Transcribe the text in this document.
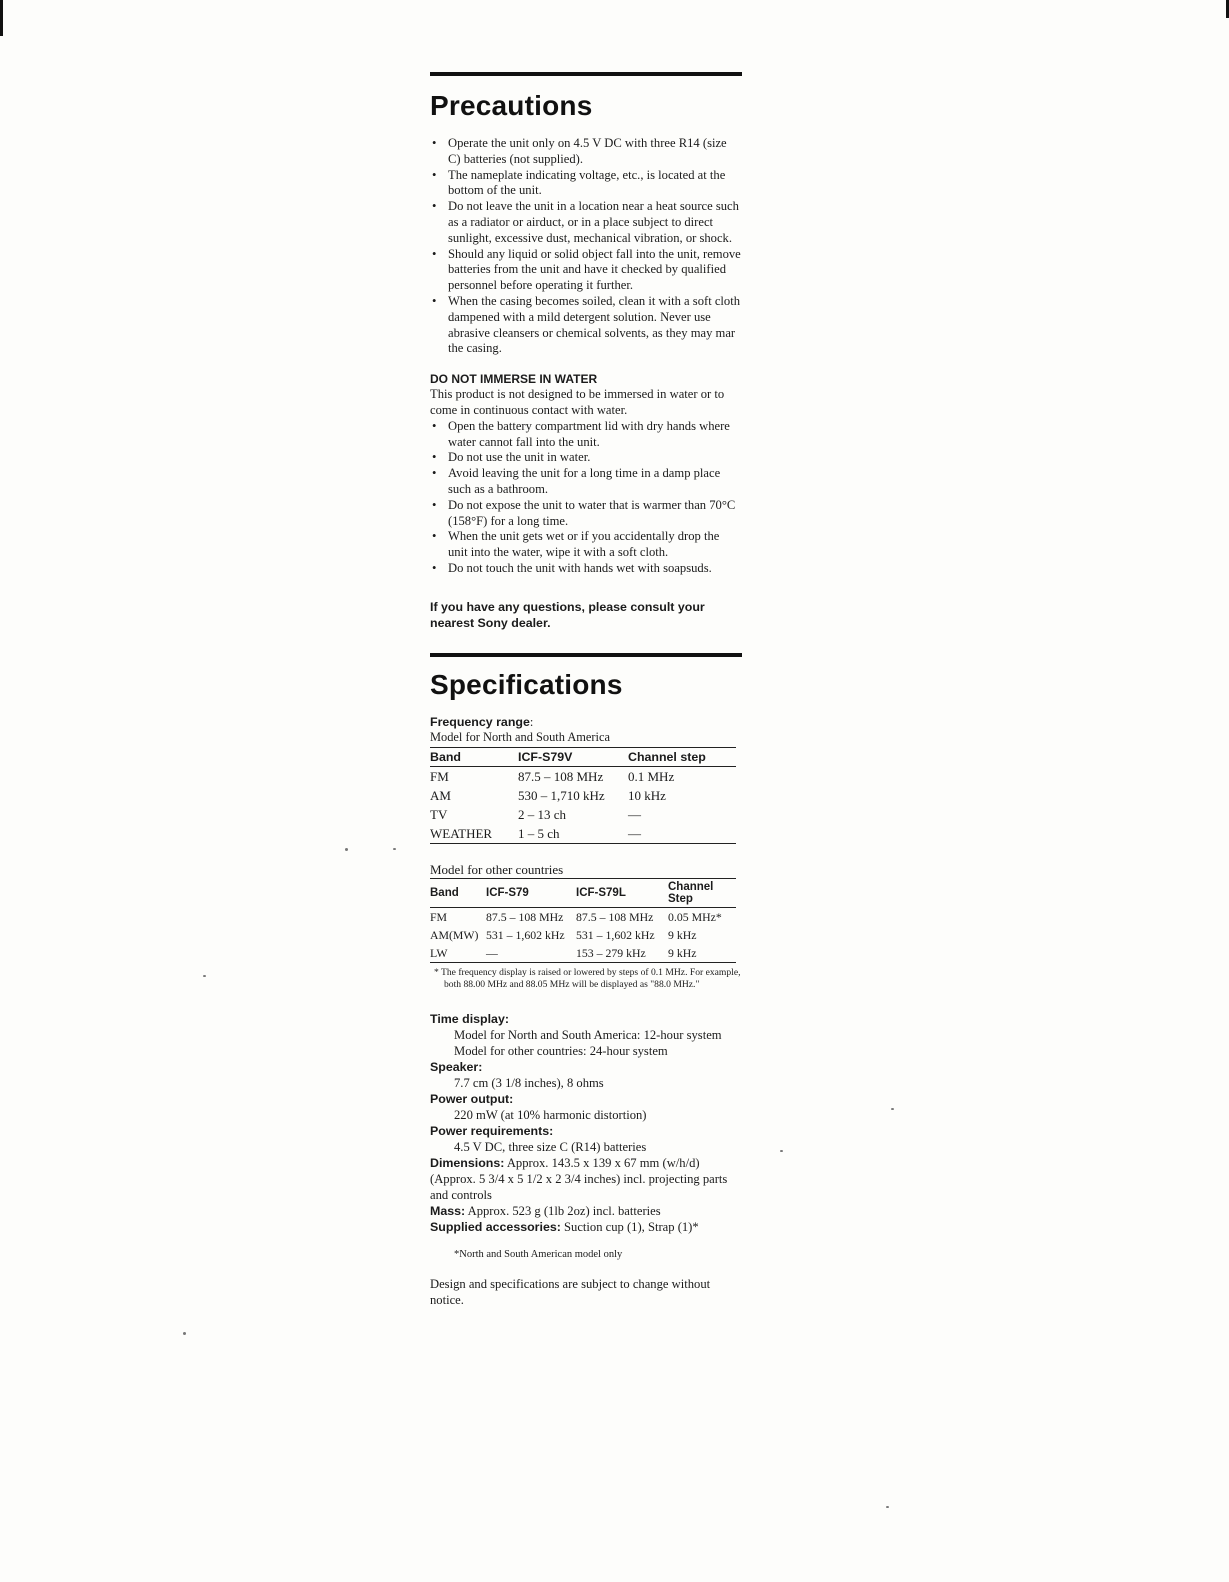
Precautions
• Operate the unit only on 4.5 V DC with three R14 (size C) batteries (not supplied).
• The nameplate indicating voltage, etc., is located at the bottom of the unit.
• Do not leave the unit in a location near a heat source such as a radiator or airduct, or in a place subject to direct sunlight, excessive dust, mechanical vibration, or shock.
• Should any liquid or solid object fall into the unit, remove batteries from the unit and have it checked by qualified personnel before operating it further.
• When the casing becomes soiled, clean it with a soft cloth dampened with a mild detergent solution. Never use abrasive cleansers or chemical solvents, as they may mar the casing.
DO NOT IMMERSE IN WATER
This product is not designed to be immersed in water or to come in continuous contact with water.
• Open the battery compartment lid with dry hands where water cannot fall into the unit.
• Do not use the unit in water.
• Avoid leaving the unit for a long time in a damp place such as a bathroom.
• Do not expose the unit to water that is warmer than 70°C (158°F) for a long time.
• When the unit gets wet or if you accidentally drop the unit into the water, wipe it with a soft cloth.
• Do not touch the unit with hands wet with soapsuds.
If you have any questions, please consult your nearest Sony dealer.
Specifications
Frequency range:
Model for North and South America
Band	ICF-S79V	Channel step
FM	87.5 – 108 MHz	0.1 MHz
AM	530 – 1,710 kHz	10 kHz
TV	2 – 13 ch	—
WEATHER	1 – 5 ch	—
Model for other countries
Band	ICF-S79	ICF-S79L	Channel Step
FM	87.5 – 108 MHz	87.5 – 108 MHz	0.05 MHz*
AM(MW)	531 – 1,602 kHz	531 – 1,602 kHz	9 kHz
LW	—	153 – 279 kHz	9 kHz
* The frequency display is raised or lowered by steps of 0.1 MHz. For example, both 88.00 MHz and 88.05 MHz will be displayed as "88.0 MHz."
Time display:
Model for North and South America: 12-hour system
Model for other countries: 24-hour system
Speaker:
7.7 cm (3 1/8 inches), 8 ohms
Power output:
220 mW (at 10% harmonic distortion)
Power requirements:
4.5 V DC, three size C (R14) batteries
Dimensions: Approx. 143.5 x 139 x 67 mm (w/h/d) (Approx. 5 3/4 x 5 1/2 x 2 3/4 inches) incl. projecting parts and controls
Mass: Approx. 523 g (1lb 2oz) incl. batteries
Supplied accessories: Suction cup (1), Strap (1)*
*North and South American model only
Design and specifications are subject to change without notice.
